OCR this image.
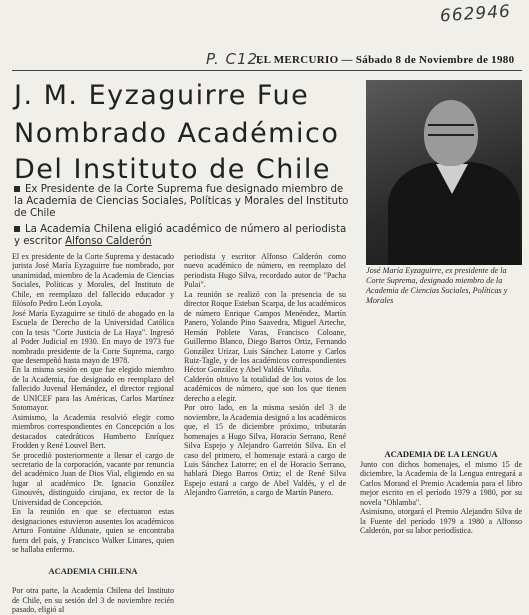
662946
P. C12.
EL MERCURIO — Sábado 8 de Noviembre de 1980
J. M. Eyzaguirre Fue
Nombrado Académico
Del Instituto de Chile
Ex Presidente de la Corte Suprema fue designado miembro de la Academia de Ciencias Sociales, Políticas y Morales del Instituto de Chile
La Academia Chilena eligió académico de número al periodista y escritor Alfonso Calderón
José María Eyzaguirre, ex presidente de la Corte Suprema, designado miembro de la Academia de Ciencias Sociales, Políticas y Morales
El ex presidente de la Corte Suprema y destacado jurista José María Eyzaguirre fue nombrado, por unanimidad, miembro de la Academia de Ciencias Sociales, Políticas y Morales, del Instituto de Chile, en reemplazo del fallecido educador y filósofo Pedro León Loyola.
José María Eyzaguirre se tituló de abogado en la Escuela de Derecho de la Universidad Católica con la tesis "Corte Justicia de La Haya". Ingresó al Poder Judicial en 1930. En mayo de 1973 fue nombrado presidente de la Corte Suprema, cargo que desempeñó hasta mayo de 1978.
En la misma sesión en que fue elegido miembro de la Academia, fue designado en reemplazo del fallecido Juvenal Hernández, el director regional de UNICEF para las Américas, Carlos Martínez Sotomayor.
Asimismo, la Academia resolvió elegir como miembros correspondientes en Concepción a los destacados catedráticos Humberto Enríquez Frodden y René Louvel Bert.
Se procedió posteriormente a llenar el cargo de secretario de la corporación, vacante por renuncia del académico Juan de Dios Vial, eligiendo en su lugar al académico Dr. Ignacio González Ginouvés, distinguido cirujano, ex rector de la Universidad de Concepción.
En la reunión en que se efectuaron estas designaciones estuvieron ausentes los académicos Arturo Fontaine Aldunate, quien se encontraba fuera del país, y Francisco Walker Linares, quien se hallaba enfermo.

ACADEMIA CHILENA

Por otra parte, la Academia Chilena del Instituto de Chile, en su sesión del 3 de noviembre recién pasado, eligió al

periodista y escritor Alfonso Calderón como nuevo académico de número, en reemplazo del periodista Hugo Silva, recordado autor de "Pacha Pulai".
La reunión se realizó con la presencia de su director Roque Esteban Scarpa, de los académicos de número Enrique Campos Menéndez, Martín Panero, Yolando Pino Saavedra, Miguel Arteche, Hernán Poblete Varas, Francisco Coloane, Guillermo Blanco, Diego Barros Ortiz, Fernando González Urízar, Luis Sánchez Latorre y Carlos Ruiz-Tagle, y de los académicos correspondientes Héctor González y Abel Valdés Viñuña.
Calderón obtuvo la totalidad de los votos de los académicos de número, que son los que tienen derecho a elegir.
Por otro lado, en la misma sesión del 3 de noviembre, la Academia designó a los académicos que, el 15 de diciembre próximo, tributarán homenajes a Hugo Silva, Horacio Serrano, René Silva Espejo y Alejandro Garretón Silva. En el caso del primero, el homenaje estará a cargo de Luis Sánchez Latorre; en el de Horacio Serrano, hablará Diego Barros Ortiz; el de René Silva Espejo estará a cargo de Abel Valdés, y el de Alejandro Garretón, a cargo de Martín Panero.
ACADEMIA DE LA LENGUA
Junto con dichos homenajes, el mismo 15 de diciembre, la Academia de la Lengua entregará a Carlos Morand el Premio Academia para el libro mejor escrito en el período 1979 a 1980, por su novela "Ohlamba".
Asimismo, otorgará el Premio Alejandro Silva de la Fuente del período 1979 a 1980 a Alfonso Calderón, por su labor periodística.
